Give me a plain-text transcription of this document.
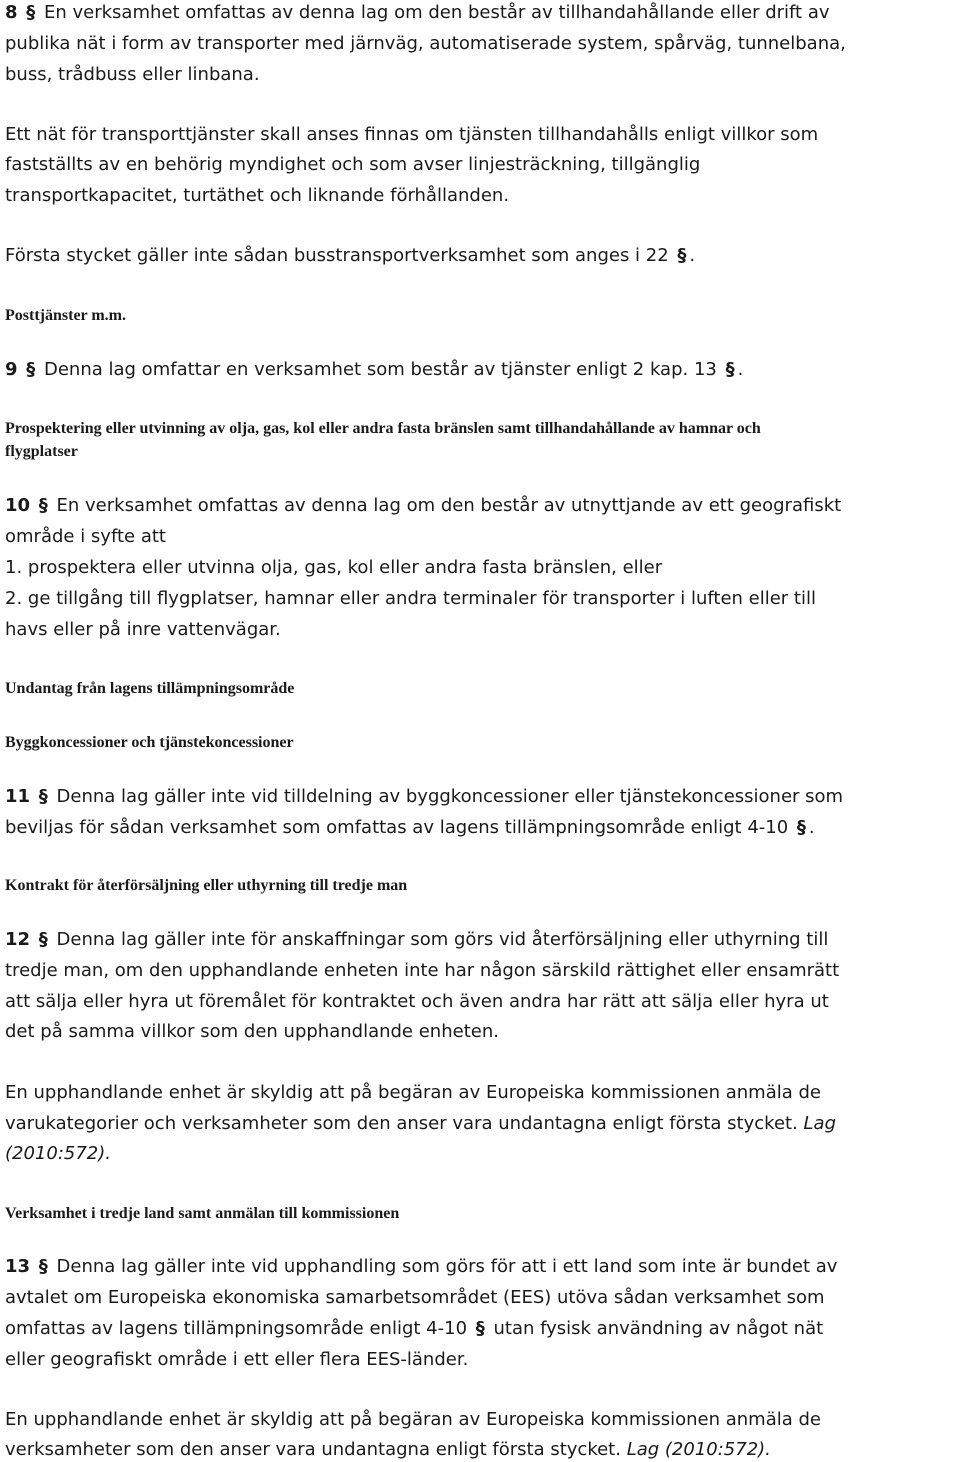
8 § En verksamhet omfattas av denna lag om den består av tillhandahållande eller drift av
publika nät i form av transporter med järnväg, automatiserade system, spårväg, tunnelbana,
buss, trådbuss eller linbana.
Ett nät för transporttjänster skall anses finnas om tjänsten tillhandahålls enligt villkor som
fastställts av en behörig myndighet och som avser linjesträckning, tillgänglig
transportkapacitet, turtäthet och liknande förhållanden.
Första stycket gäller inte sådan busstransportverksamhet som anges i 22 § .
Posttjänster m.m.
9 § Denna lag omfattar en verksamhet som består av tjänster enligt 2 kap. 13 § .
Prospektering eller utvinning av olja, gas, kol eller andra fasta bränslen samt tillhandahållande av hamnar och
flygplatser
10 § En verksamhet omfattas av denna lag om den består av utnyttjande av ett geografiskt
område i syfte att
1. prospektera eller utvinna olja, gas, kol eller andra fasta bränslen, eller
2. ge tillgång till flygplatser, hamnar eller andra terminaler för transporter i luften eller till
havs eller på inre vattenvägar.
Undantag från lagens tillämpningsområde
Byggkoncessioner och tjänstekoncessioner
11 § Denna lag gäller inte vid tilldelning av byggkoncessioner eller tjänstekoncessioner som
beviljas för sådan verksamhet som omfattas av lagens tillämpningsområde enligt 4-10 § .
Kontrakt för återförsäljning eller uthyrning till tredje man
12 § Denna lag gäller inte för anskaffningar som görs vid återförsäljning eller uthyrning till
tredje man, om den upphandlande enheten inte har någon särskild rättighet eller ensamrätt
att sälja eller hyra ut föremålet för kontraktet och även andra har rätt att sälja eller hyra ut
det på samma villkor som den upphandlande enheten.
En upphandlande enhet är skyldig att på begäran av Europeiska kommissionen anmäla de
varukategorier och verksamheter som den anser vara undantagna enligt första stycket. Lag
(2010:572).
Verksamhet i tredje land samt anmälan till kommissionen
13 § Denna lag gäller inte vid upphandling som görs för att i ett land som inte är bundet av
avtalet om Europeiska ekonomiska samarbetsområdet (EES) utöva sådan verksamhet som
omfattas av lagens tillämpningsområde enligt 4-10 § utan fysisk användning av något nät
eller geografiskt område i ett eller flera EES-länder.
En upphandlande enhet är skyldig att på begäran av Europeiska kommissionen anmäla de
verksamheter som den anser vara undantagna enligt första stycket. Lag (2010:572).
